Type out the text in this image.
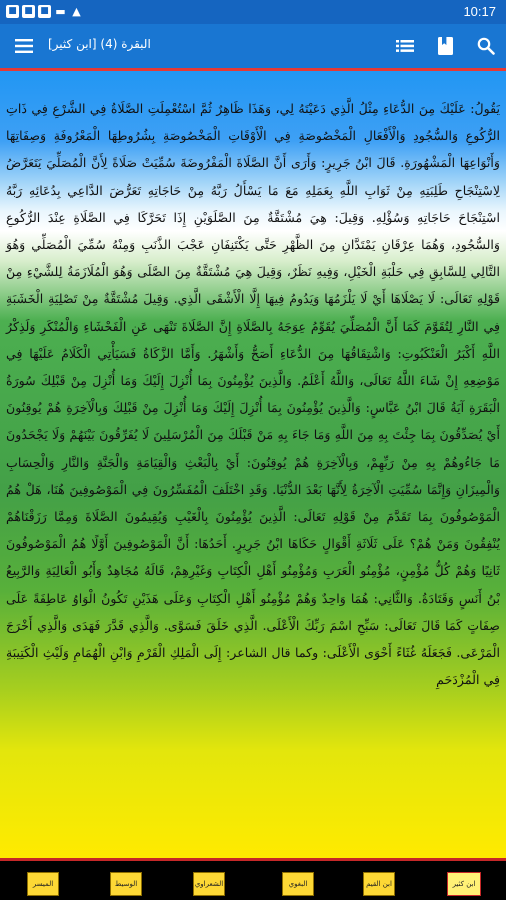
■ ■ ■ ▬ ▲	10:17
البقرة (4) [ابن كثير]
يَقُولُ: عَلَيْكَ مِنَ الدُّعَاءِ مِثْلُ الَّذِي دَعَيْتَهُ لِي، وَهَذَا ظَاهِرٌ ثُمَّ اسْتُعْمِلَتِ الصَّلَاةُ فِي الشَّرْعِ فِي ذَاتِ الرُّكُوعِ وَالسُّجُودِ وَالْأَفْعَالِ الْمَخْصُوصَةِ فِي الْأَوْقَاتِ الْمَخْصُوصَةِ بِشُرُوطِهَا الْمَعْرُوفَةِ وَصِفَاتِهَا وَأَنْوَاعِهَا الْمَشْهُورَةِ. قَالَ ابْنُ جَرِيرٍ: وَأَرَى أَنَّ الصَّلَاةَ الْمَفْرُوضَةَ سُمِّيَتْ صَلَاةً لِأَنَّ الْمُصَلِّيَ يَتَعَرَّضُ لِاسْتِنْجَاحِ طَلِبَتِهِ مِنْ ثَوَابِ اللَّهِ بِعَمَلِهِ مَعَ مَا يَسْأَلُ رَبَّهُ مِنْ حَاجَاتِهِ تَعَرُّضَ الدَّاعِي بِدُعَائِهِ رَبَّهُ اسْتِنْجَاحَ حَاجَاتِهِ وَسُؤْلِهِ. وَقِيلَ: هِيَ مُشْتَقَّةٌ مِنَ الصَّلَوَيْنِ إِذَا تَحَرَّكَا فِي الصَّلَاةِ عِنْدَ الرُّكُوعِ وَالسُّجُودِ، وَهُمَا عِرْقَانِ يَمْتَدَّانِ مِنَ الظَّهْرِ حَتَّى يَكْتَنِفَانِ عَجْبَ الذَّنَبِ وَمِنْهُ سُمِّيَ الْمُصَلِّي وَهُوَ التَّالِي لِلسَّابِقِ فِي حَلْبَةِ الْخَيْلِ، وَفِيهِ نَظَرٌ، وَقِيلَ هِيَ مُشْتَقَّةٌ مِنَ الصَّلَى وَهُوَ الْمُلَازَمَةُ لِلشَّيْءِ مِنْ قَوْلِهِ تَعَالَى: لَا يَصْلَاهَا أَيْ لَا يَلْزَمُهَا وَيَدُومُ فِيهَا إِلَّا الْأَشْقَى الَّذِي. وَقِيلَ مُشْتَقَّةٌ مِنْ تَصْلِيَةِ الْخَشَبَةِ فِي النَّارِ لِتُقَوَّمَ كَمَا أَنَّ الْمُصَلِّيَ يُقَوِّمُ عِوَجَهُ بِالصَّلَاةِ إِنَّ الصَّلَاةَ تَنْهَى عَنِ الْفَحْشَاءِ وَالْمُنْكَرِ وَلَذِكْرُ اللَّهِ أَكْبَرُ الْعَنْكَبُوتِ: وَاشْتِقَاقُهَا مِنَ الدُّعَاءِ أَصَحُّ وَأَشْهَرُ. وَأَمَّا الزَّكَاةُ فَسَيَأْتِي الْكَلَامُ عَلَيْهَا فِي مَوْضِعِهِ إِنْ شَاءَ اللَّهُ تَعَالَى، وَاللَّهُ أَعْلَمُ. وَالَّذِينَ يُؤْمِنُونَ بِمَا أُنْزِلَ إِلَيْكَ وَمَا أُنْزِلَ مِنْ قَبْلِكَ سُورَةُ الْبَقَرَةِ آيَةُ قَالَ ابْنُ عَبَّاسٍ: وَالَّذِينَ يُؤْمِنُونَ بِمَا أُنْزِلَ إِلَيْكَ وَمَا أُنْزِلَ مِنْ قَبْلِكَ وَبِالْآخِرَةِ هُمْ يُوقِنُونَ أَيْ يُصَدِّقُونَ بِمَا جِئْتَ بِهِ مِنَ اللَّهِ وَمَا جَاءَ بِهِ مَنْ قَبْلَكَ مِنَ الْمُرْسَلِينَ لَا يُفَرِّقُونَ بَيْنَهُمْ وَلَا يَجْحَدُونَ مَا جَاءُوهُمْ بِهِ مِنْ رَبِّهِمْ، وَبِالْآخِرَةِ هُمْ يُوقِنُونَ: أَيْ بِالْبَعْثِ وَالْقِيَامَةِ وَالْجَنَّةِ وَالنَّارِ وَالْحِسَابِ وَالْمِيزَانِ وَإِنَّمَا سُمِّيَتِ الْآخِرَةُ لِأَنَّهَا بَعْدَ الدُّنْيَا. وَقَدِ اخْتَلَفَ الْمُفَسِّرُونَ فِي الْمَوْصُوفِينَ هُنَا، هَلْ هُمُ الْمَوْصُوفُونَ بِمَا تَقَدَّمَ مِنْ قَوْلِهِ تَعَالَى: الَّذِينَ يُؤْمِنُونَ بِالْغَيْبِ وَيُقِيمُونَ الصَّلَاةَ وَمِمَّا رَزَقْنَاهُمْ يُنْفِقُونَ وَمَنْ هُمْ؟ عَلَى ثَلَاثَةِ أَقْوَالٍ حَكَاهَا ابْنُ جَرِيرٍ. أَحَدُهَا: أَنَّ الْمَوْصُوفِينَ أَوَّلًا هُمُ الْمَوْصُوفُونَ ثَانِيًا وَهُمْ كُلُّ مُؤْمِنٍ، مُؤْمِنُو الْعَرَبِ وَمُؤْمِنُو أَهْلِ الْكِتَابِ وَغَيْرِهِمْ، قَالَهُ مُجَاهِدٌ وَأَبُو الْعَالِيَةِ وَالرَّبِيعُ بْنُ أَنَسٍ وَقَتَادَةُ. وَالثَّانِي: هُمَا وَاحِدٌ وَهُمْ مُؤْمِنُو أَهْلِ الْكِتَابِ وَعَلَى هَذَيْنِ تَكُونُ الْوَاوُ عَاطِفَةً عَلَى صِفَاتٍ كَمَا قَالَ تَعَالَى: سَبِّحِ اسْمَ رَبِّكَ الْأَعْلَى. الَّذِي خَلَقَ فَسَوَّى. وَالَّذِي قَدَّرَ فَهَدَى وَالَّذِي أَخْرَجَ الْمَرْعَى. فَجَعَلَهُ غُثَاءً أَحْوَى الْأَعْلَى: وكما قال الشاعر: إِلَى الْمَلِكِ الْقَرْمِ وَابْنِ الْهُمَامِ وَلَيْثِ الْكَتِيبَةِ فِي الْمُزْدَحَمِ
ابن كثير
ابن القيم
البغوي
الشعراوي
الوسيط
الميسر
